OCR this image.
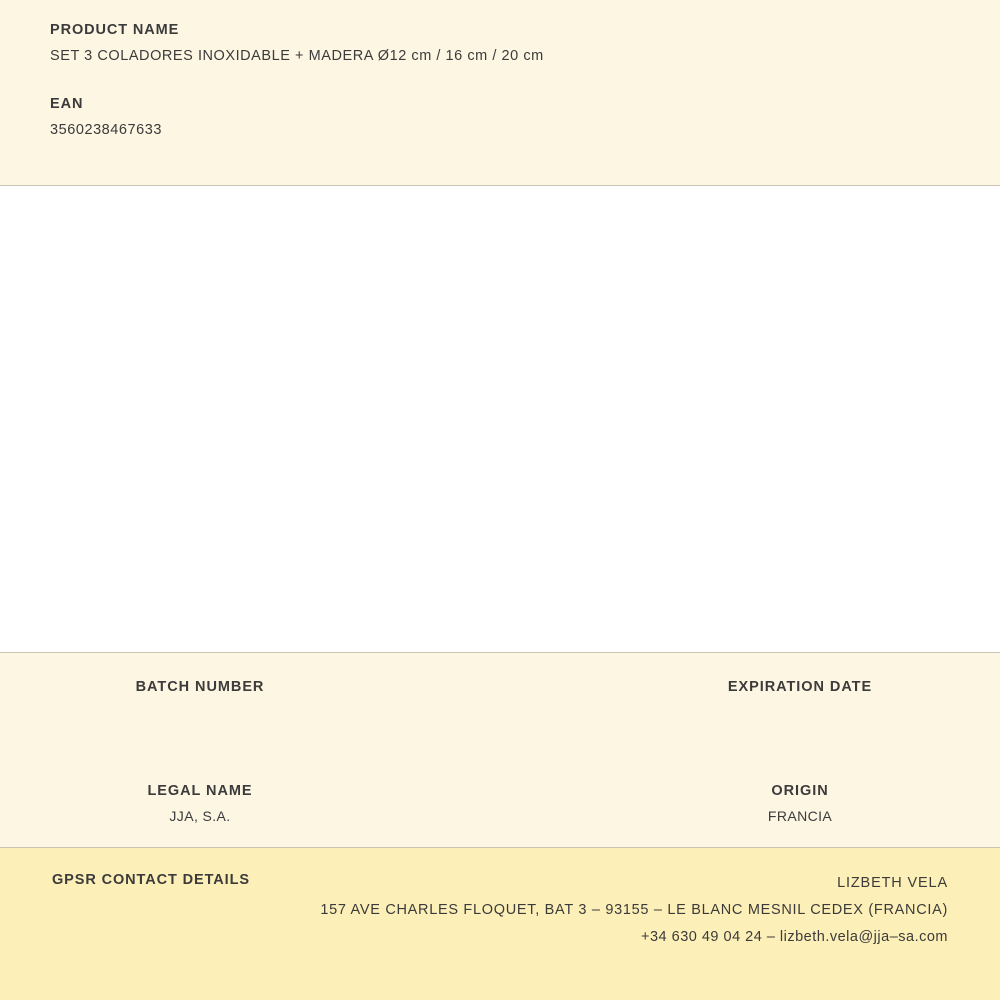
PRODUCT NAME

SET 3 COLADORES INOXIDABLE + MADERA Ø12 cm / 16 cm / 20 cm

EAN

3560238467633

BATCH NUMBER	EXPIRATION DATE

LEGAL NAME

JJA, S.A.

ORIGIN

FRANCIA

GPSR CONTACT DETAILS	LIZBETH VELA
157 AVE CHARLES FLOQUET, BAT 3 – 93155 – LE BLANC MESNIL CEDEX (FRANCIA)
+34 630 49 04 24 – lizbeth.vela@jja–sa.com
